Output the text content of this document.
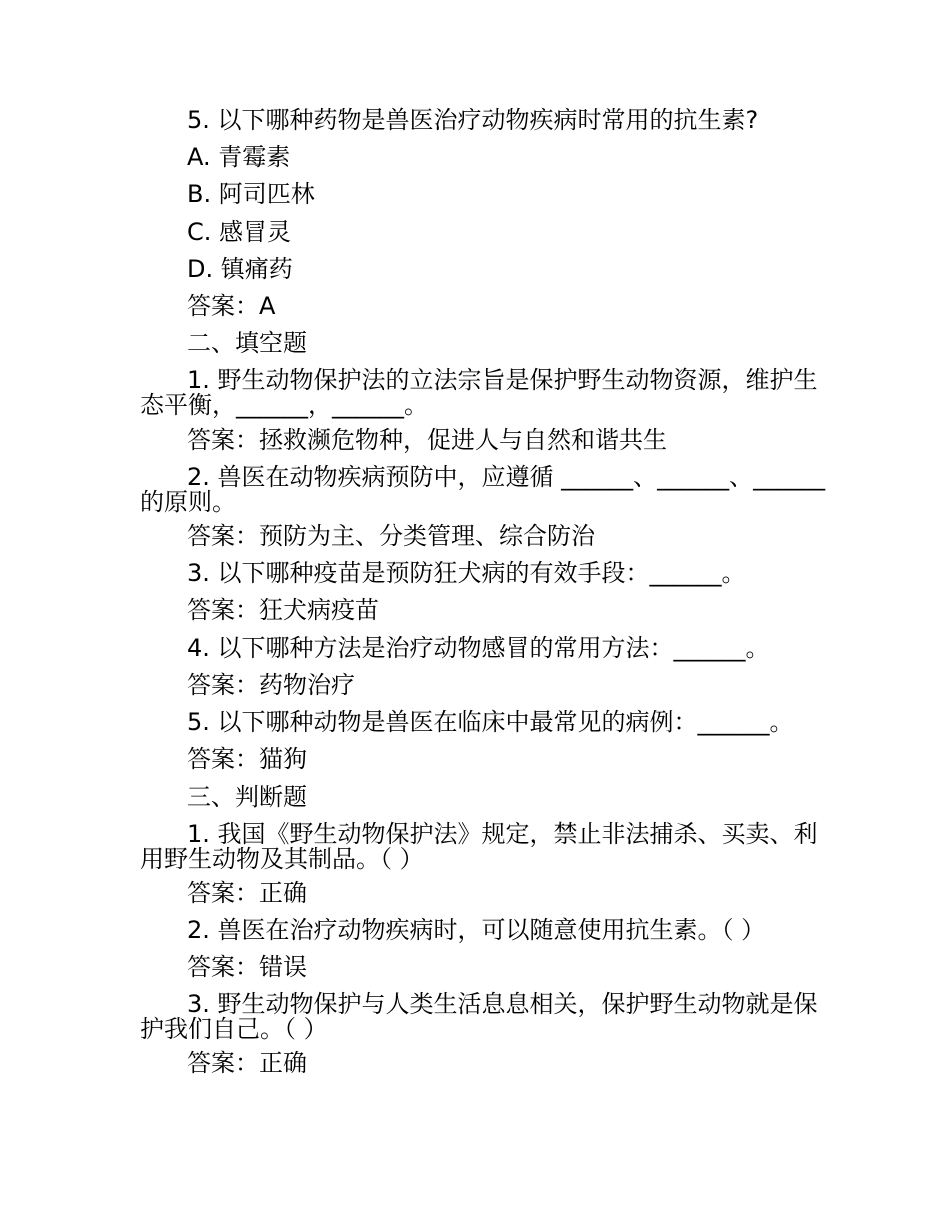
5. 以下哪种药物是兽医治疗动物疾病时常用的抗生素?
A. 青霉素
B. 阿司匹林
C. 感冒灵
D. 镇痛药
答案：A
二、填空题
1. 野生动物保护法的立法宗旨是保护野生动物资源，维护生态平衡，______，______。
答案：拯救濒危物种，促进人与自然和谐共生
2. 兽医在动物疾病预防中，应遵循 ______、______、______的原则。
答案：预防为主、分类管理、综合防治
3. 以下哪种疫苗是预防狂犬病的有效手段：______。
答案：狂犬病疫苗
4. 以下哪种方法是治疗动物感冒的常用方法：______。
答案：药物治疗
5. 以下哪种动物是兽医在临床中最常见的病例：______。
答案：猫狗
三、判断题
1. 我国《野生动物保护法》规定，禁止非法捕杀、买卖、利用野生动物及其制品。（ ）
答案：正确
2. 兽医在治疗动物疾病时，可以随意使用抗生素。（ ）
答案：错误
3. 野生动物保护与人类生活息息相关，保护野生动物就是保护我们自己。（ ）
答案：正确
